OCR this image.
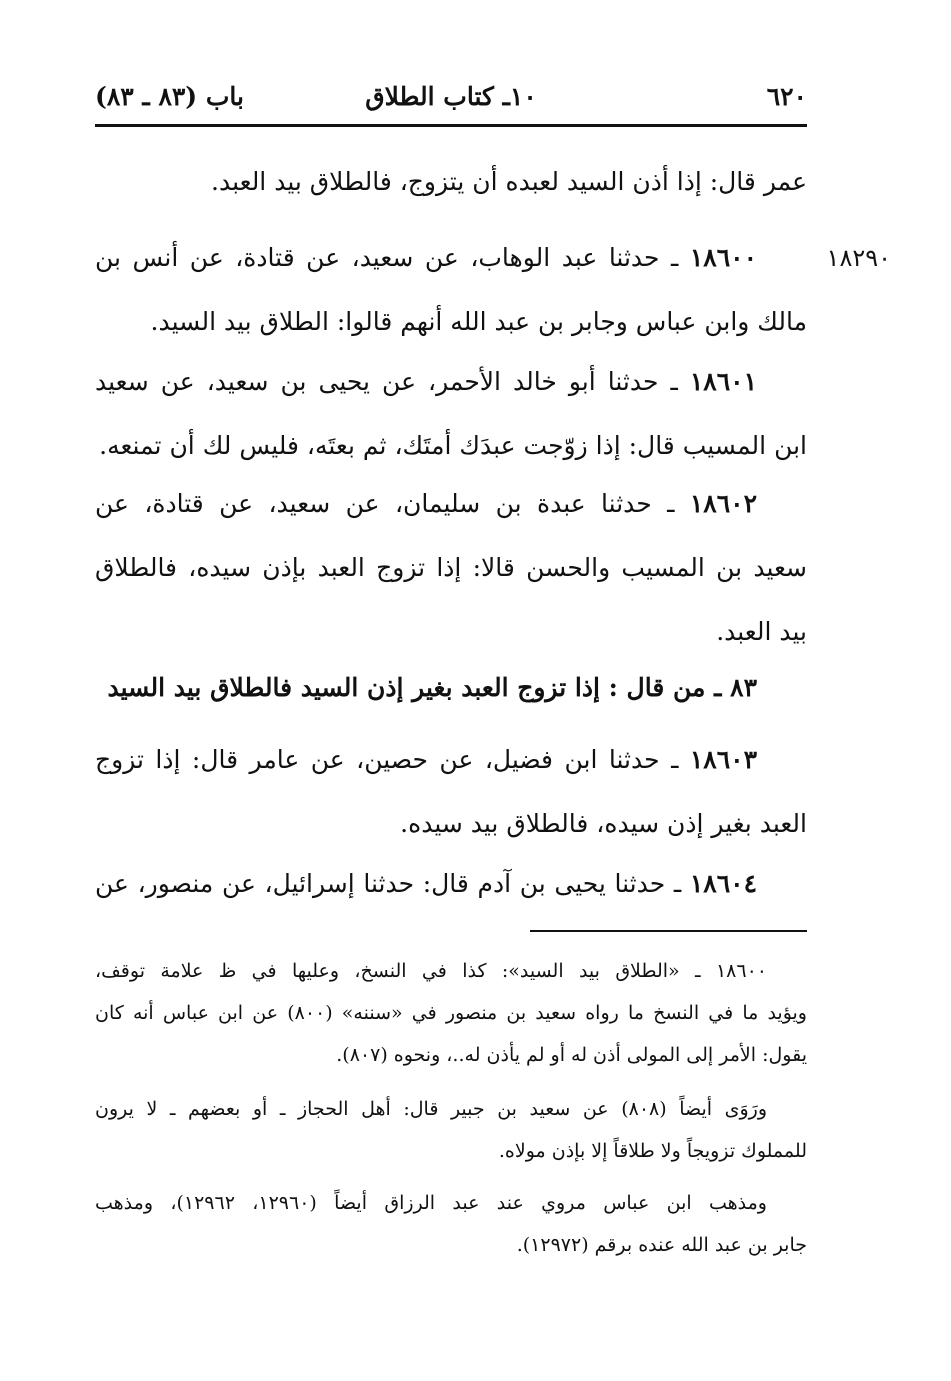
٦٢٠
١٠ـ كتاب الطلاق
باب (٨٣ ـ ٨٣)
١٨٢٩٠
عمر قال: إذا أذن السيد لعبده أن يتزوج، فالطلاق بيد العبد.
١٨٦٠٠ ـ حدثنا عبد الوهاب، عن سعيد، عن قتادة، عن أنس بن
مالك وابن عباس وجابر بن عبد الله أنهم قالوا: الطلاق بيد السيد.
١٨٦٠١ ـ حدثنا أبو خالد الأحمر، عن يحيى بن سعيد، عن سعيد
ابن المسيب قال: إذا زوّجت عبدَك أمتَك، ثم بعتَه، فليس لك أن تمنعه.
١٨٦٠٢ ـ حدثنا عبدة بن سليمان، عن سعيد، عن قتادة، عن
سعيد بن المسيب والحسن قالا: إذا تزوج العبد بإذن سيده، فالطلاق
بيد العبد.
٨٣ ـ من قال : إذا تزوج العبد بغير إذن السيد فالطلاق بيد السيد
١٨٦٠٣ ـ حدثنا ابن فضيل، عن حصين، عن عامر قال: إذا تزوج
العبد بغير إذن سيده، فالطلاق بيد سيده.
١٨٦٠٤ ـ حدثنا يحيى بن آدم قال: حدثنا إسرائيل، عن منصور، عن
١٨٦٠٠ ـ «الطلاق بيد السيد»: كذا في النسخ، وعليها في ظ علامة توقف،
ويؤيد ما في النسخ ما رواه سعيد بن منصور في «سننه» (٨٠٠) عن ابن عباس أنه كان
يقول: الأمر إلى المولى أذن له أو لم يأذن له..، ونحوه (٨٠٧).
ورَوَى أيضاً (٨٠٨) عن سعيد بن جبير قال: أهل الحجاز ـ أو بعضهم ـ لا يرون
للمملوك تزويجاً ولا طلاقاً إلا بإذن مولاه.
ومذهب ابن عباس مروي عند عبد الرزاق أيضاً (١٢٩٦٠، ١٢٩٦٢)، ومذهب
جابر بن عبد الله عنده برقم (١٢٩٧٢).
